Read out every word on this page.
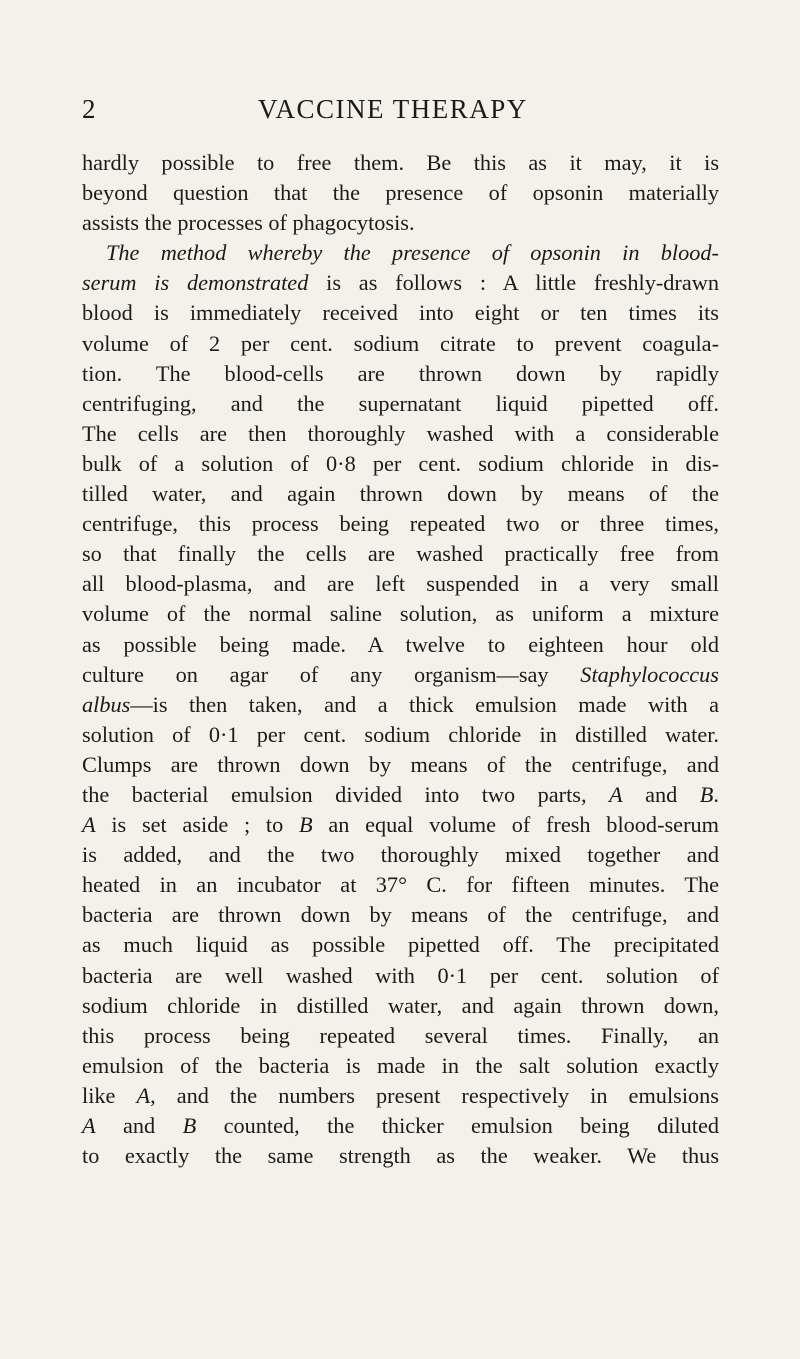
2	VACCINE THERAPY
hardly possible to free them. Be this as it may, it is
beyond question that the presence of opsonin materially
assists the processes of phagocytosis.
The method whereby the presence of opsonin in blood-
serum is demonstrated is as follows : A little freshly-drawn
blood is immediately received into eight or ten times its
volume of 2 per cent. sodium citrate to prevent coagula-
tion. The blood-cells are thrown down by rapidly
centrifuging, and the supernatant liquid pipetted off.
The cells are then thoroughly washed with a considerable
bulk of a solution of 0·8 per cent. sodium chloride in dis-
tilled water, and again thrown down by means of the
centrifuge, this process being repeated two or three times,
so that finally the cells are washed practically free from
all blood-plasma, and are left suspended in a very small
volume of the normal saline solution, as uniform a mixture
as possible being made. A twelve to eighteen hour old
culture on agar of any organism—say Staphylococcus
albus—is then taken, and a thick emulsion made with a
solution of 0·1 per cent. sodium chloride in distilled water.
Clumps are thrown down by means of the centrifuge, and
the bacterial emulsion divided into two parts, A and B.
A is set aside ; to B an equal volume of fresh blood-serum
is added, and the two thoroughly mixed together and
heated in an incubator at 37° C. for fifteen minutes. The
bacteria are thrown down by means of the centrifuge, and
as much liquid as possible pipetted off. The precipitated
bacteria are well washed with 0·1 per cent. solution of
sodium chloride in distilled water, and again thrown down,
this process being repeated several times. Finally, an
emulsion of the bacteria is made in the salt solution exactly
like A, and the numbers present respectively in emulsions
A and B counted, the thicker emulsion being diluted
to exactly the same strength as the weaker. We thus
